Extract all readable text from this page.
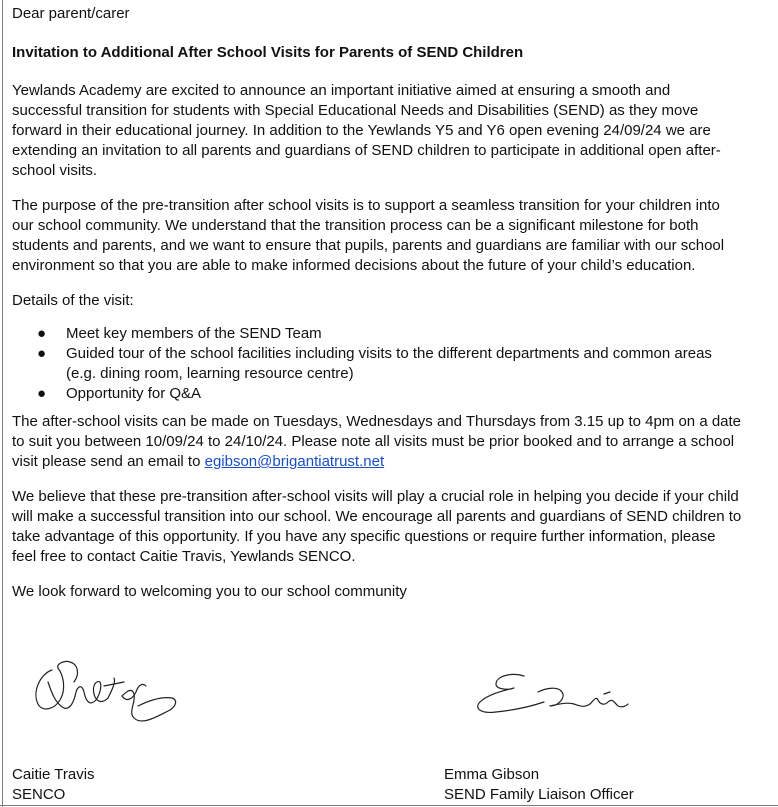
Dear parent/carer

Invitation to Additional After School Visits for Parents of SEND Children

Yewlands Academy are excited to announce an important initiative aimed at ensuring a smooth and successful transition for students with Special Educational Needs and Disabilities (SEND) as they move forward in their educational journey. In addition to the Yewlands Y5 and Y6 open evening 24/09/24 we are extending an invitation to all parents and guardians of SEND children to participate in additional open after-school visits.

The purpose of the pre-transition after school visits is to support a seamless transition for your children into our school community. We understand that the transition process can be a significant milestone for both students and parents, and we want to ensure that pupils, parents and guardians are familiar with our school environment so that you are able to make informed decisions about the future of your child’s education.

Details of the visit:

● Meet key members of the SEND Team
● Guided tour of the school facilities including visits to the different departments and common areas (e.g. dining room, learning resource centre)
● Opportunity for Q&A

The after-school visits can be made on Tuesdays, Wednesdays and Thursdays from 3.15 up to 4pm on a date to suit you between 10/09/24 to 24/10/24. Please note all visits must be prior booked and to arrange a school visit please send an email to egibson@brigantiatrust.net

We believe that these pre-transition after-school visits will play a crucial role in helping you decide if your child will make a successful transition into our school. We encourage all parents and guardians of SEND children to take advantage of this opportunity. If you have any specific questions or require further information, please feel free to contact Caitie Travis, Yewlands SENCO.

We look forward to welcoming you to our school community

Caitie Travis
SENCO
Emma Gibson
SEND Family Liaison Officer
